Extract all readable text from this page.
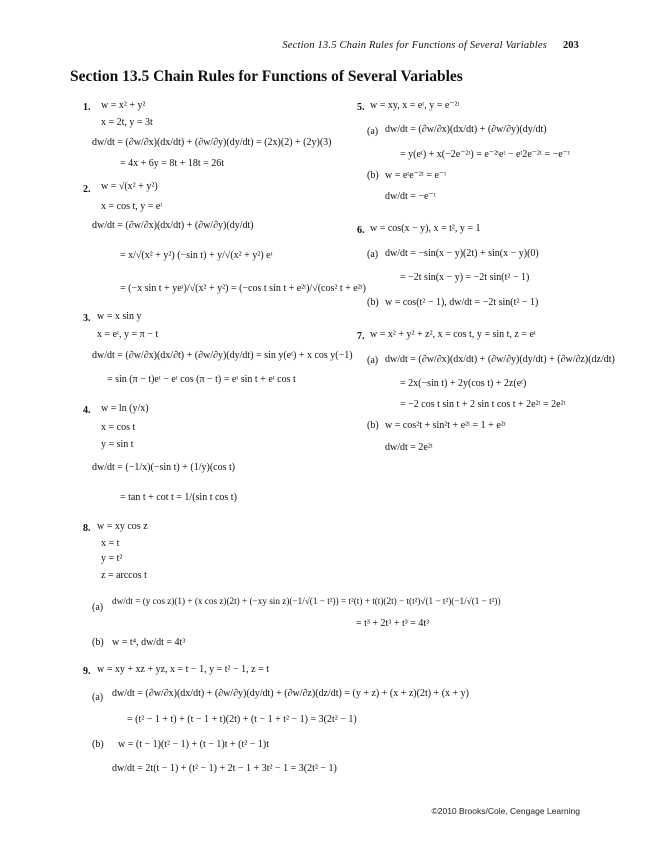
Section 13.5 Chain Rules for Functions of Several Variables 203
Section 13.5 Chain Rules for Functions of Several Variables
1. w = x² + y²
x = 2t, y = 3t
dw/dt = (∂w/∂x)(dx/dt) + (∂w/∂y)(dy/dt) = (2x)(2) + (2y)(3)
= 4x + 6y = 8t + 18t = 26t
2. w = √(x² + y²)
x = cos t, y = eᵗ
dw/dt = (∂w/∂x)(dx/dt) + (∂w/∂y)(dy/dt)
= x/√(x² + y²) (−sin t) + y/√(x² + y²) eᵗ
= (−x sin t + yeᵗ)/√(x² + y²) = (−cos t sin t + e²ᵗ)/√(cos² t + e²ᵗ)
3. w = x sin y
x = eᵗ, y = π − t
dw/dt = (∂w/∂x)(dx/∂t) + (∂w/∂y)(dy/dt) = sin y(eᵗ) + x cos y(−1)
= sin (π − t)eᵗ − eᵗ cos (π − t) = eᵗ sin t + eᵗ cos t
4. w = ln (y/x)
x = cos t
y = sin t
dw/dt = (−1/x)(−sin t) + (1/y)(cos t)
= tan t + cot t = 1/(sin t cos t)
5. w = xy, x = eᵗ, y = e⁻²ᵗ
(a) dw/dt = (∂w/∂x)(dx/dt) + (∂w/∂y)(dy/dt)
= y(eᵗ) + x(−2e⁻²ᵗ) = e⁻²ᵗeᵗ − eᵗ2e⁻²ᵗ = −e⁻ᵗ
(b) w = eᵗe⁻²ᵗ = e⁻ᵗ
dw/dt = −e⁻ᵗ
6. w = cos(x − y), x = t², y = 1
(a) dw/dt = −sin(x − y)(2t) + sin(x − y)(0)
= −2t sin(x − y) = −2t sin(t² − 1)
(b) w = cos(t² − 1), dw/dt = −2t sin(t² − 1)
7. w = x² + y² + z², x = cos t, y = sin t, z = eᵗ
(a) dw/dt = (∂w/∂x)(dx/dt) + (∂w/∂y)(dy/dt) + (∂w/∂z)(dz/dt)
= 2x(−sin t) + 2y(cos t) + 2z(eᵗ)
= −2 cos t sin t + 2 sin t cos t + 2e²ᵗ = 2e²ᵗ
(b) w = cos²t + sin²t + e²ᵗ = 1 + e²ᵗ
dw/dt = 2e²ᵗ
8. w = xy cos z
x = t
y = t²
z = arccos t
(a)
dw/dt = (y cos z)(1) + (x cos z)(2t) + (−xy sin z)(−1/√(1 − t²)) = t²(t) + t(t)(2t) − t(t²)√(1 − t²)(−1/√(1 − t²))
= t³ + 2t³ + t³ = 4t³
(b) w = t⁴, dw/dt = 4t³
9. w = xy + xz + yz, x = t − 1, y = t² − 1, z = t
(a) dw/dt = (∂w/∂x)(dx/dt) + (∂w/∂y)(dy/dt) + (∂w/∂z)(dz/dt) = (y + z) + (x + z)(2t) + (x + y)
= (t² − 1 + t) + (t − 1 + t)(2t) + (t − 1 + t² − 1) = 3(2t² − 1)
(b) w = (t − 1)(t² − 1) + (t − 1)t + (t² − 1)t
dw/dt = 2t(t − 1) + (t² − 1) + 2t − 1 + 3t² − 1 = 3(2t² − 1)
©2010 Brooks/Cole, Cengage Learning
